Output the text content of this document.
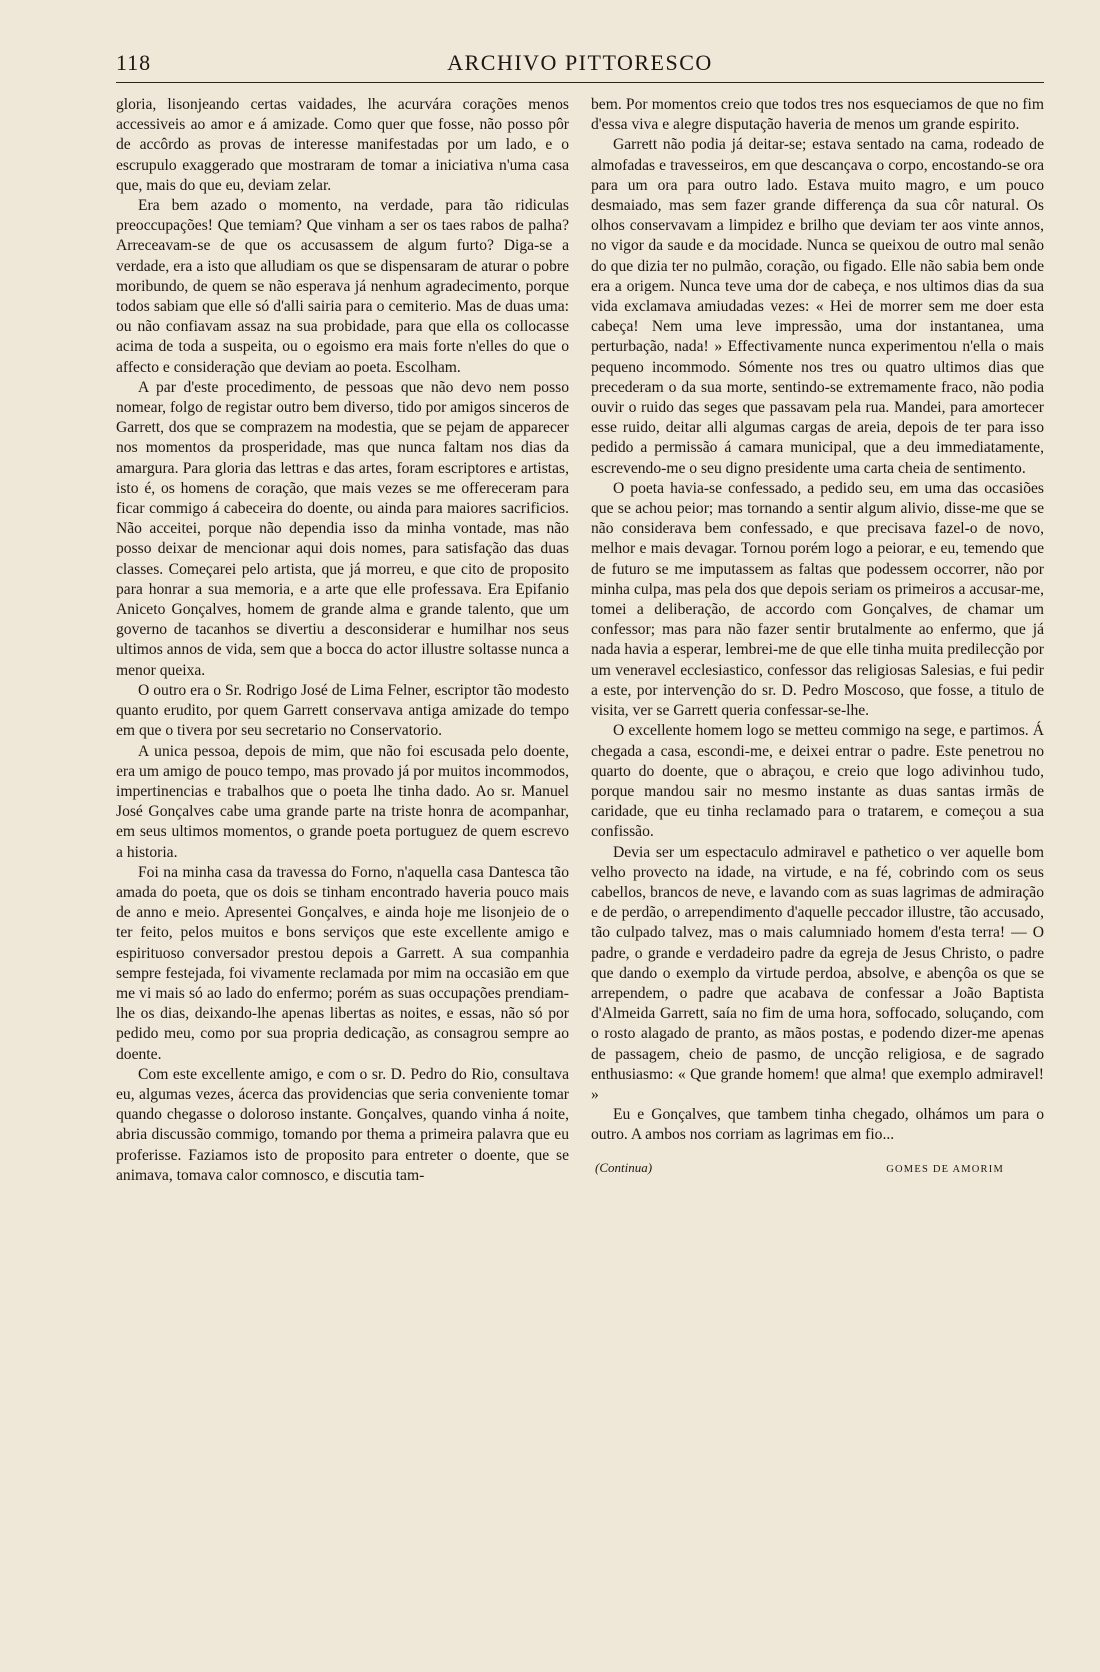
118	ARCHIVO PITTORESCO

gloria, lisonjeando certas vaidades, lhe acurvára corações menos accessiveis ao amor e á amizade. Como quer que fosse, não posso pôr de accôrdo as provas de interesse manifestadas por um lado, e o escrupulo exaggerado que mostraram de tomar a iniciativa n'uma casa que, mais do que eu, deviam zelar.

Era bem azado o momento, na verdade, para tão ridiculas preoccupações! Que temiam? Que vinham a ser os taes rabos de palha? Arreceavam-se de que os accusassem de algum furto? Diga-se a verdade, era a isto que alludiam os que se dispensaram de aturar o pobre moribundo, de quem se não esperava já nenhum agradecimento, porque todos sabiam que elle só d'alli sairia para o cemiterio. Mas de duas uma: ou não confiavam assaz na sua probidade, para que ella os collocasse acima de toda a suspeita, ou o egoismo era mais forte n'elles do que o affecto e consideração que deviam ao poeta. Escolham.

A par d'este procedimento, de pessoas que não devo nem posso nomear, folgo de registar outro bem diverso, tido por amigos sinceros de Garrett, dos que se comprazem na modestia, que se pejam de apparecer nos momentos da prosperidade, mas que nunca faltam nos dias da amargura. Para gloria das lettras e das artes, foram escriptores e artistas, isto é, os homens de coração, que mais vezes se me offereceram para ficar commigo á cabeceira do doente, ou ainda para maiores sacrificios. Não acceitei, porque não dependia isso da minha vontade, mas não posso deixar de mencionar aqui dois nomes, para satisfação das duas classes. Começarei pelo artista, que já morreu, e que cito de proposito para honrar a sua memoria, e a arte que elle professava. Era Epifanio Aniceto Gonçalves, homem de grande alma e grande talento, que um governo de tacanhos se divertiu a desconsiderar e humilhar nos seus ultimos annos de vida, sem que a bocca do actor illustre soltasse nunca a menor queixa.

O outro era o Sr. Rodrigo José de Lima Felner, escriptor tão modesto quanto erudito, por quem Garrett conservava antiga amizade do tempo em que o tivera por seu secretario no Conservatorio.

A unica pessoa, depois de mim, que não foi escusada pelo doente, era um amigo de pouco tempo, mas provado já por muitos incommodos, impertinencias e trabalhos que o poeta lhe tinha dado. Ao sr. Manuel José Gonçalves cabe uma grande parte na triste honra de acompanhar, em seus ultimos momentos, o grande poeta portuguez de quem escrevo a historia.

Foi na minha casa da travessa do Forno, n'aquella casa Dantesca tão amada do poeta, que os dois se tinham encontrado haveria pouco mais de anno e meio. Apresentei Gonçalves, e ainda hoje me lisonjeio de o ter feito, pelos muitos e bons serviços que este excellente amigo e espirituoso conversador prestou depois a Garrett. A sua companhia sempre festejada, foi vivamente reclamada por mim na occasião em que me vi mais só ao lado do enfermo; porém as suas occupações prendiam-lhe os dias, deixando-lhe apenas libertas as noites, e essas, não só por pedido meu, como por sua propria dedicação, as consagrou sempre ao doente.

Com este excellente amigo, e com o sr. D. Pedro do Rio, consultava eu, algumas vezes, ácerca das providencias que seria conveniente tomar quando chegasse o doloroso instante. Gonçalves, quando vinha á noite, abria discussão commigo, tomando por thema a primeira palavra que eu proferisse. Faziamos isto de proposito para entreter o doente, que se animava, tomava calor comnosco, e discutia tam-

bem. Por momentos creio que todos tres nos esqueciamos de que no fim d'essa viva e alegre disputação haveria de menos um grande espirito.

Garrett não podia já deitar-se; estava sentado na cama, rodeado de almofadas e travesseiros, em que descançava o corpo, encostando-se ora para um ora para outro lado. Estava muito magro, e um pouco desmaiado, mas sem fazer grande differença da sua côr natural. Os olhos conservavam a limpidez e brilho que deviam ter aos vinte annos, no vigor da saude e da mocidade. Nunca se queixou de outro mal senão do que dizia ter no pulmão, coração, ou figado. Elle não sabia bem onde era a origem. Nunca teve uma dor de cabeça, e nos ultimos dias da sua vida exclamava amiudadas vezes: « Hei de morrer sem me doer esta cabeça! Nem uma leve impressão, uma dor instantanea, uma perturbação, nada! » Effectivamente nunca experimentou n'ella o mais pequeno incommodo. Sómente nos tres ou quatro ultimos dias que precederam o da sua morte, sentindo-se extremamente fraco, não podia ouvir o ruido das seges que passavam pela rua. Mandei, para amortecer esse ruido, deitar alli algumas cargas de areia, depois de ter para isso pedido a permissão á camara municipal, que a deu immediatamente, escrevendo-me o seu digno presidente uma carta cheia de sentimento.

O poeta havia-se confessado, a pedido seu, em uma das occasiões que se achou peior; mas tornando a sentir algum alivio, disse-me que se não considerava bem confessado, e que precisava fazel-o de novo, melhor e mais devagar. Tornou porém logo a peiorar, e eu, temendo que de futuro se me imputassem as faltas que podessem occorrer, não por minha culpa, mas pela dos que depois seriam os primeiros a accusar-me, tomei a deliberação, de accordo com Gonçalves, de chamar um confessor; mas para não fazer sentir brutalmente ao enfermo, que já nada havia a esperar, lembrei-me de que elle tinha muita predilecção por um veneravel ecclesiastico, confessor das religiosas Salesias, e fui pedir a este, por intervenção do sr. D. Pedro Moscoso, que fosse, a titulo de visita, ver se Garrett queria confessar-se-lhe.

O excellente homem logo se metteu commigo na sege, e partimos. Á chegada a casa, escondi-me, e deixei entrar o padre. Este penetrou no quarto do doente, que o abraçou, e creio que logo adivinhou tudo, porque mandou sair no mesmo instante as duas santas irmãs de caridade, que eu tinha reclamado para o tratarem, e começou a sua confissão.

Devia ser um espectaculo admiravel e pathetico o ver aquelle bom velho provecto na idade, na virtude, e na fé, cobrindo com os seus cabellos, brancos de neve, e lavando com as suas lagrimas de admiração e de perdão, o arrependimento d'aquelle peccador illustre, tão accusado, tão culpado talvez, mas o mais calumniado homem d'esta terra! — O padre, o grande e verdadeiro padre da egreja de Jesus Christo, o padre que dando o exemplo da virtude perdoa, absolve, e abençôa os que se arrependem, o padre que acabava de confessar a João Baptista d'Almeida Garrett, saía no fim de uma hora, soffocado, soluçando, com o rosto alagado de pranto, as mãos postas, e podendo dizer-me apenas de passagem, cheio de pasmo, de uncção religiosa, e de sagrado enthusiasmo: « Que grande homem! que alma! que exemplo admiravel! »

Eu e Gonçalves, que tambem tinha chegado, olhámos um para o outro. A ambos nos corriam as lagrimas em fio...

(Continua)	GOMES DE AMORIM
